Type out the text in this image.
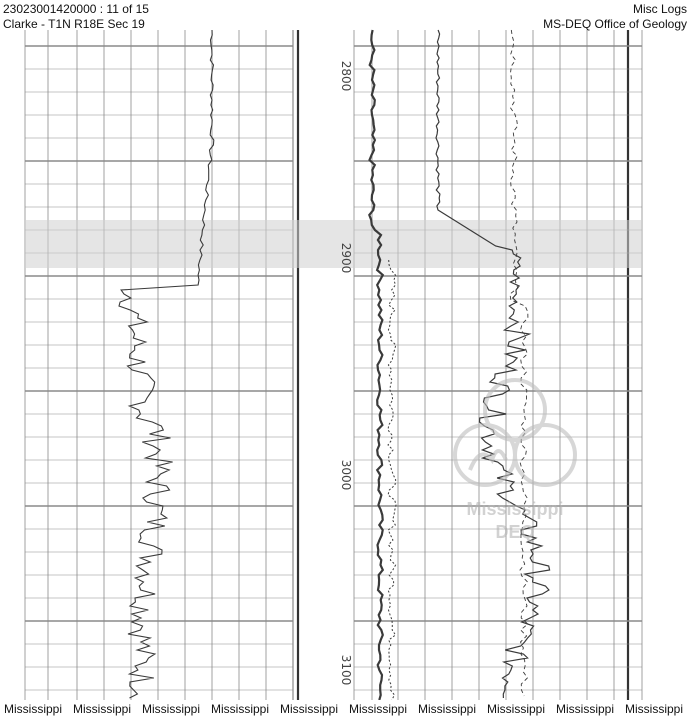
23023001420000 : 11 of 15
Clarke - T1N R18E Sec 19
Misc Logs
MS-DEQ Office of Geology
2800
2900
3000
3100
Mississippi
DEQ
Mississippi Mississippi Mississippi Mississippi Mississippi Mississippi Mississippi Mississippi Mississippi Mississippi
